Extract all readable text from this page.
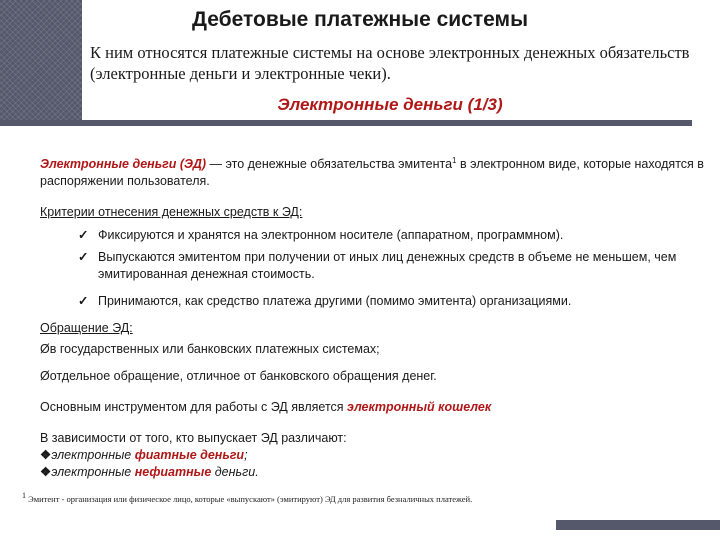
Дебетовые платежные системы
К ним относятся платежные системы на основе электронных денежных обязательств (электронные деньги и электронные чеки).
Электронные деньги (1/3)
Электронные деньги (ЭД) — это денежные обязательства эмитента$^1$ в электронном виде, которые находятся в распоряжении пользователя.
Критерии отнесения денежных средств к ЭД:
✓ Фиксируются и хранятся на электронном носителе (аппаратном, программном).
✓ Выпускаются эмитентом при получении от иных лиц денежных средств в объеме не меньшем, чем эмитированная денежная стоимость.
✓ Принимаются, как средство платежа другими (помимо эмитента) организациями.
Обращение ЭД:
Øв государственных или банковских платежных системах;
Øотдельное обращение, отличное от банковского обращения денег.
Основным инструментом для работы с ЭД является электронный кошелек
В зависимости от того, кто выпускает ЭД различают:
❖электронные фиатные деньги;
❖электронные нефиатные деньги.
$^1$ Эмитент - организация или физическое лицо, которые «выпускают» (эмитируют) ЭД для развития безналичных платежей.
11
